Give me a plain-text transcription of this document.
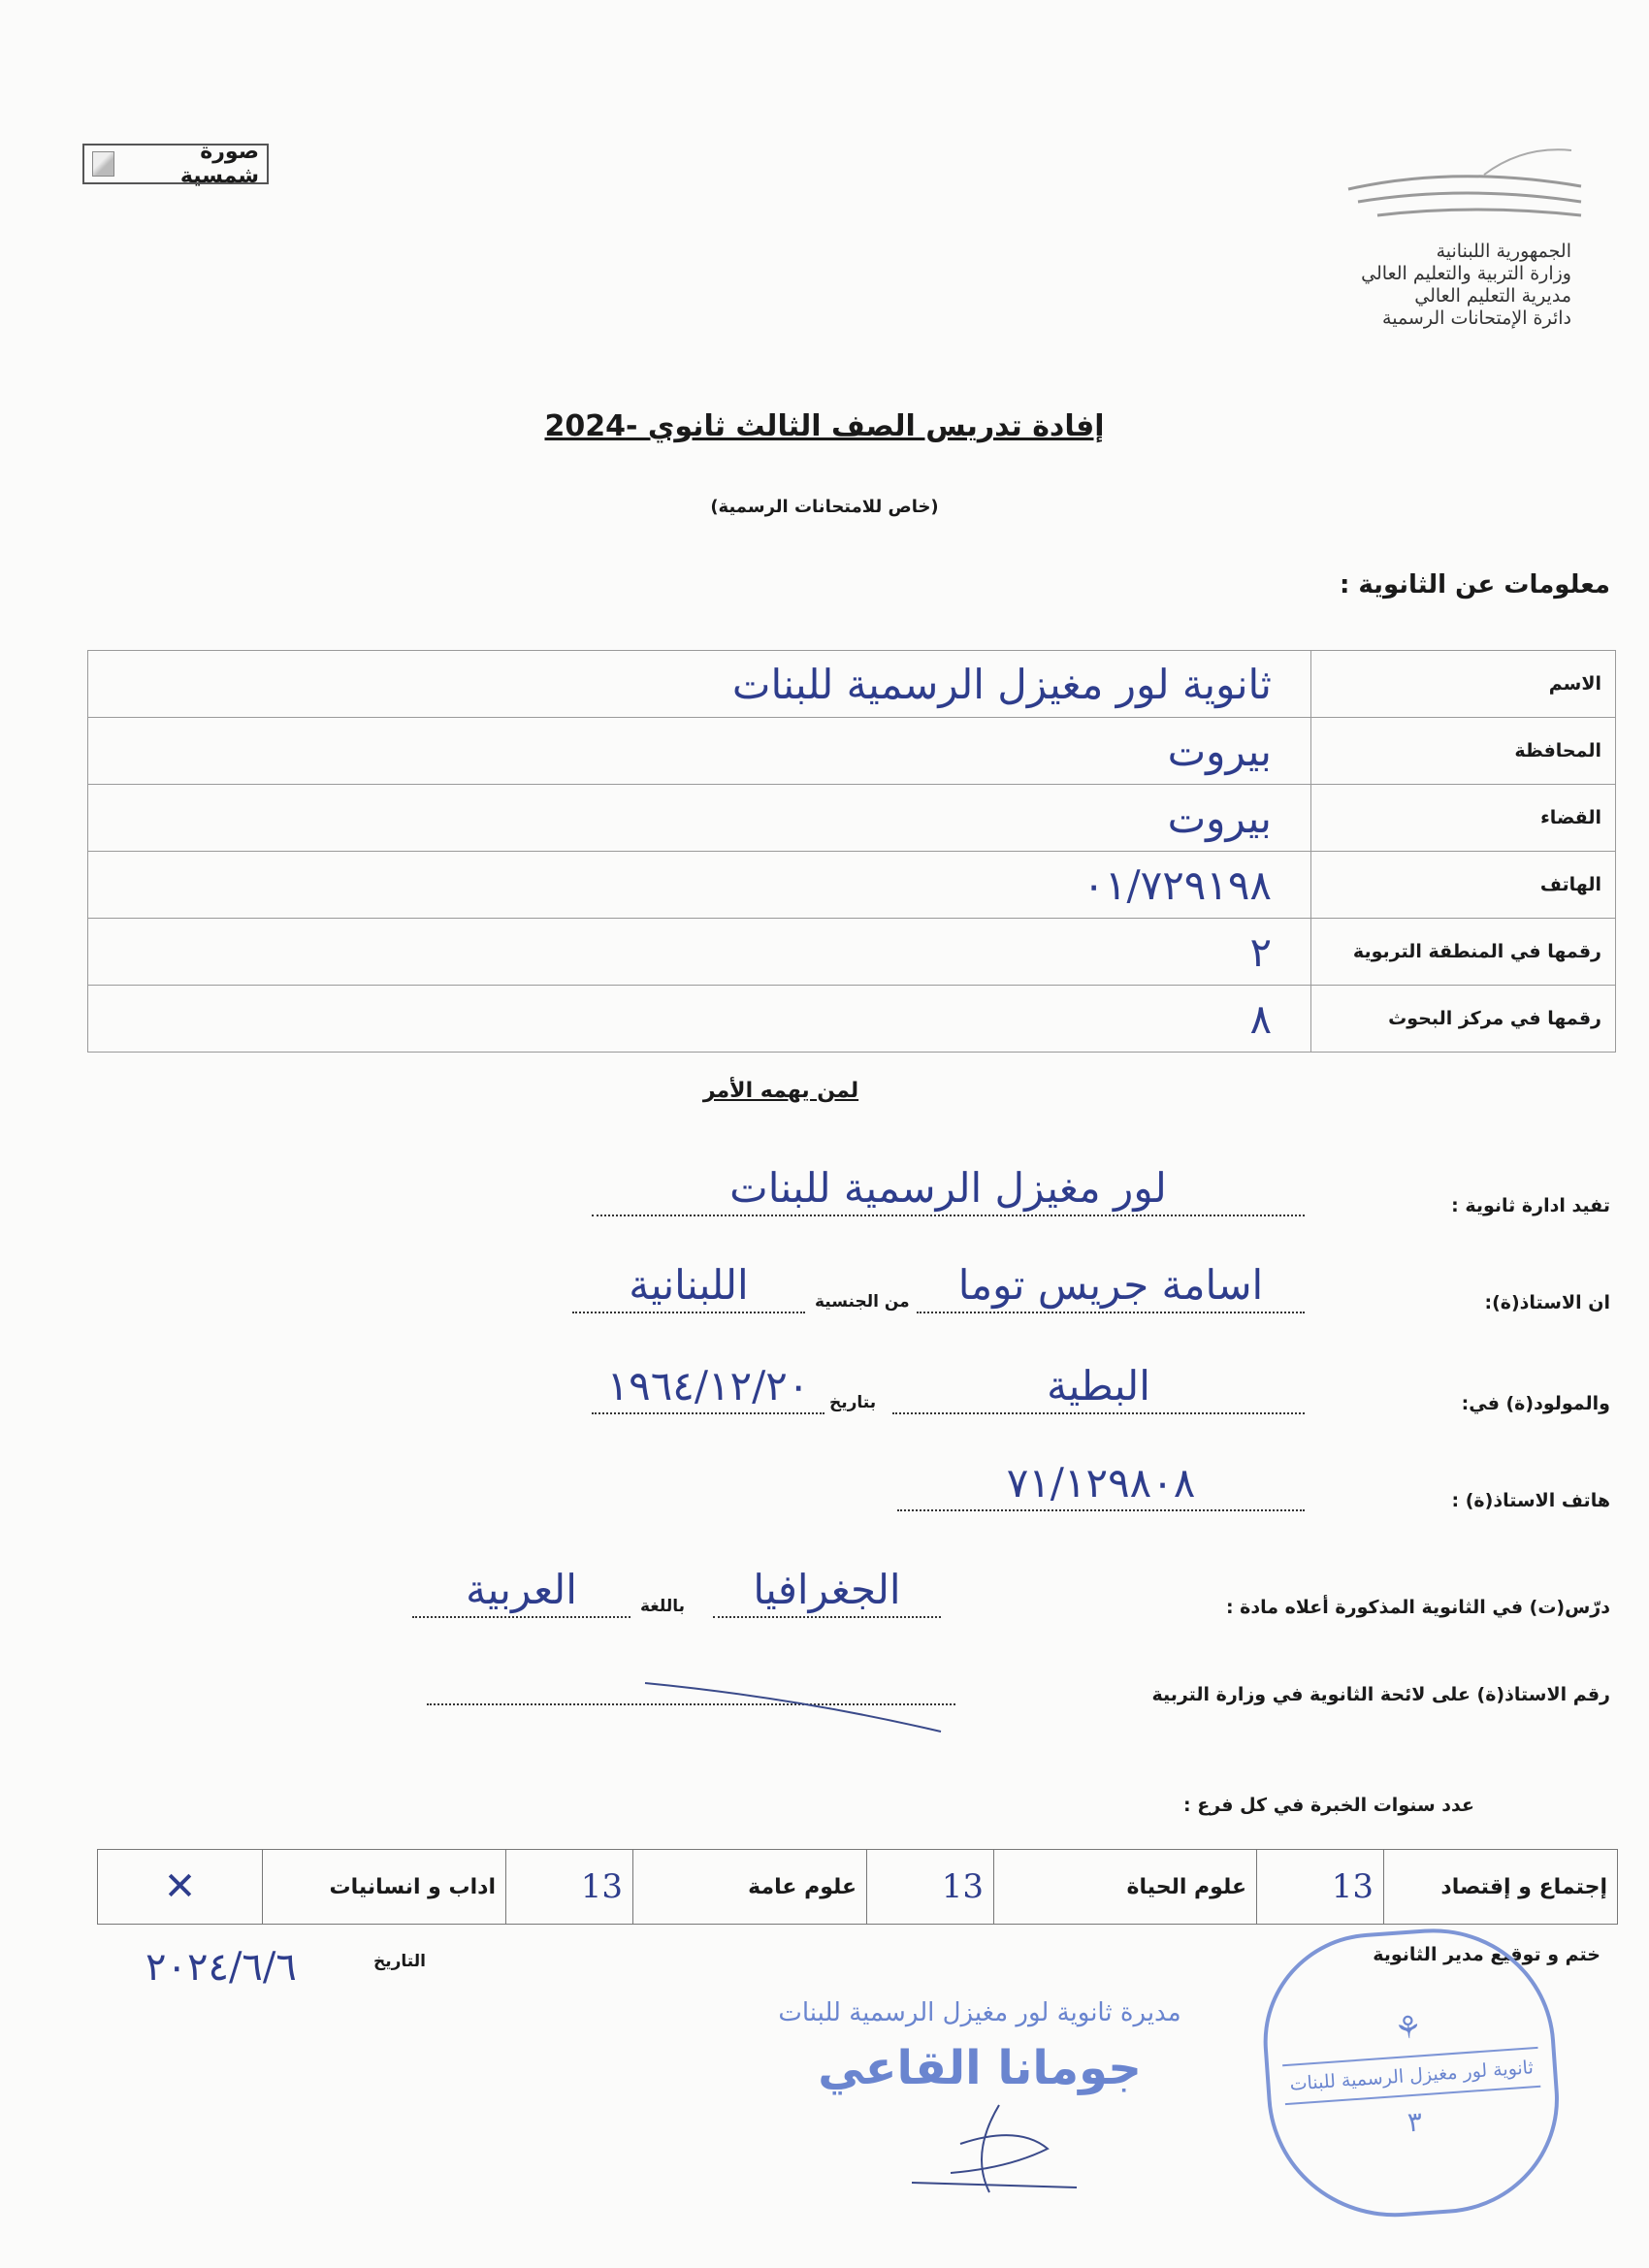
صورة شمسية
الجمهورية اللبنانية
وزارة التربية والتعليم العالي
مديرية التعليم العالي
دائرة الإمتحانات الرسمية
إفادة تدريس الصف الثالث ثانوي -2024
(خاص للامتحانات الرسمية)
معلومات عن الثانوية :
الاسم	ثانوية لور مغيزل الرسمية للبنات
المحافظة	بيروت
القضاء	بيروت
الهاتف	٠١/٧٢٩١٩٨
رقمها في المنطقة التربوية	٢
رقمها في مركز البحوث	٨
لمن يهمه الأمر
تفيد ادارة ثانوية :
لور مغيزل الرسمية للبنات
ان الاستاذ(ة):
اسامة جريس توما
من الجنسية
اللبنانية
والمولود(ة) في:
البطية
بتاريخ
١٩٦٤/١٢/٢٠
هاتف الاستاذ(ة) :
٧١/١٢٩٨٠٨
درّس(ت) في الثانوية المذكورة أعلاه مادة :
الجغرافيا
باللغة
العربية
رقم الاستاذ(ة) على لائحة الثانوية في وزارة التربية
عدد سنوات الخبرة في كل فرع :
إجتماع و إقتصاد	13	علوم الحياة	13	علوم عامة	13	اداب و انسانيات	✕
ختم و توقيع مدير الثانوية
التاريخ
٢٠٢٤/٦/٦
⚘
ثانوية لور مغيزل الرسمية للبنات
٣
مديرة ثانوية لور مغيزل الرسمية للبنات
جومانا القاعي
